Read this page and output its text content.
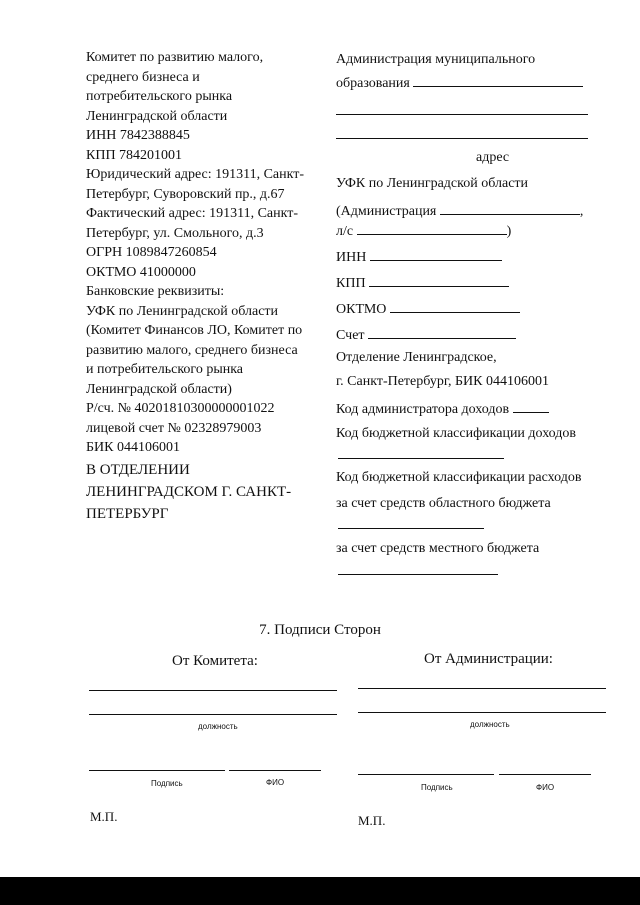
Комитет по развитию малого,
среднего бизнеса и
потребительского рынка
Ленинградской области
ИНН 7842388845
КПП 784201001
Юридический адрес: 191311, Санкт-
Петербург, Суворовский пр., д.67
Фактический адрес: 191311, Санкт-
Петербург, ул. Смольного, д.3
ОГРН 1089847260854
ОКТМО 41000000
Банковские реквизиты:
УФК по Ленинградской области
(Комитет Финансов ЛО, Комитет по
развитию малого, среднего бизнеса
и потребительского рынка
Ленинградской области)
Р/сч. № 40201810300000001022
лицевой счет № 02328979003
БИК 044106001
В ОТДЕЛЕНИИ
ЛЕНИНГРАДСКОМ Г. САНКТ-
ПЕТЕРБУРГ
Администрация муниципального
образования
адрес
УФК по Ленинградской области
(Администрация	,
л/с	)
ИНН
КПП
ОКТМО
Счет
Отделение Ленинградское,
г. Санкт-Петербург, БИК 044106001
Код администратора доходов
Код бюджетной классификации доходов
Код бюджетной классификации расходов
за счет средств областного бюджета
за счет средств местного бюджета
7. Подписи Сторон
От Комитета:	От Администрации:
должность	должность
Подпись	ФИО
Подпись	ФИО
М.П.	М.П.
